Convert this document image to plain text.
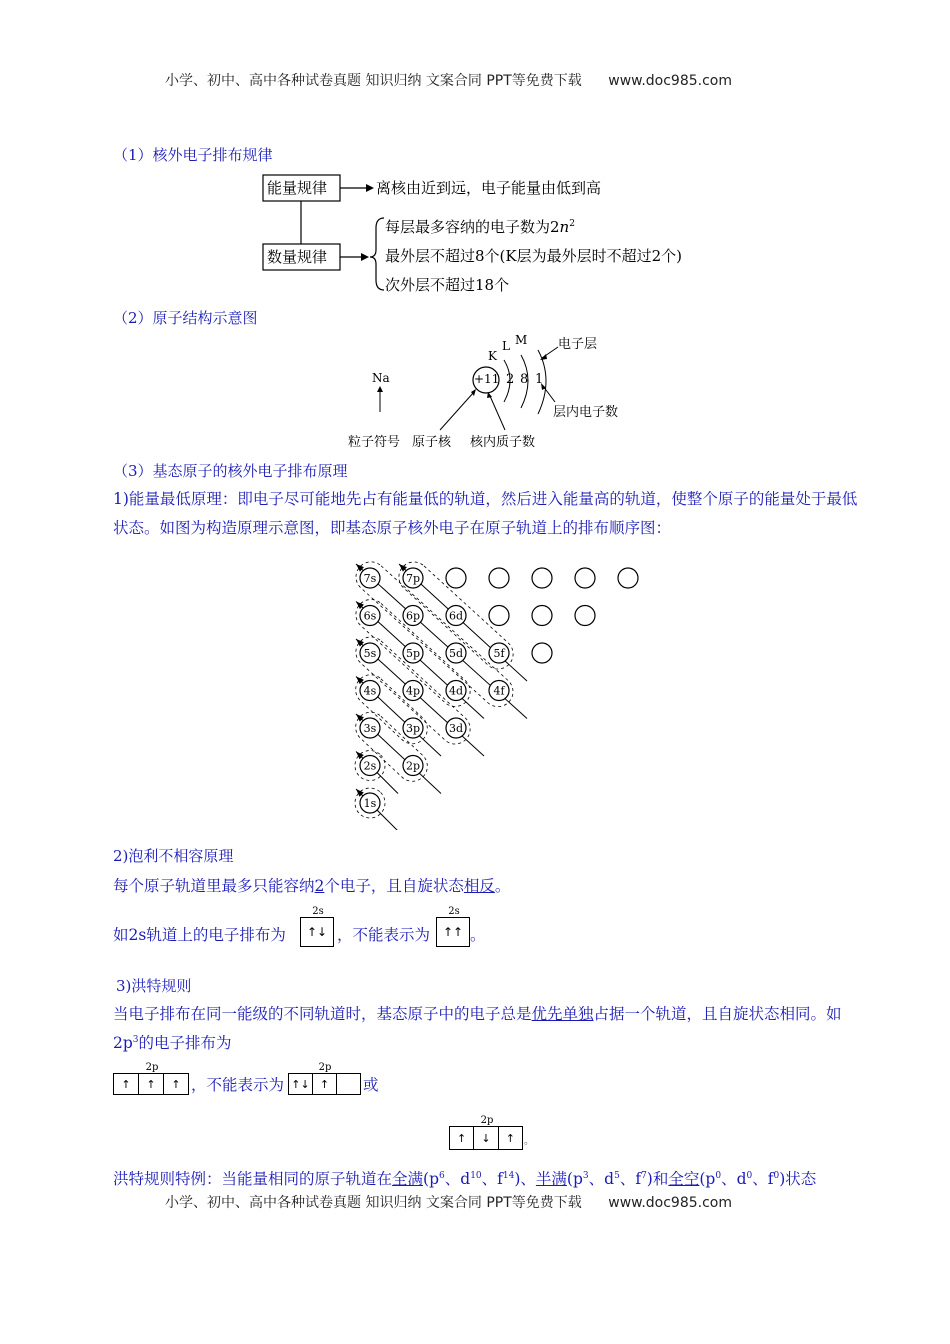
小学、初中、高中各种试卷真题 知识归纳 文案合同 PPT等免费下载 www.doc985.com
（1）核外电子排布规律
能量规律
数量规律
离核由近到远，电子能量由低到高
每层最多容纳的电子数为$2n^2$
最外层不超过8个(K层为最外层时不超过2个)
次外层不超过18个
（2）原子结构示意图
Na	+11 2 8 1
K
L M 电子层
层内电子数
粒子符号 原子核 核内质子数
（3）基态原子的核外电子排布原理
1)能量最低原理：即电子尽可能地先占有能量低的轨道，然后进入能量高的轨道，使整个原子的能量处于最低状态。如图为构造原理示意图，即基态原子核外电子在原子轨道上的排布顺序图：
7s	7p
6s	6p	6d
5s	5p	5d	5f
4s	4p	4d	4f
3s	3p	3d
2s	2p
1s
2)泡利不相容原理
每个原子轨道里最多只能容纳2个电子，且自旋状态相反。
如2s轨道上的电子排布为
2s
↑↓ ，不能表示为
2s
↑↑ 。
3)洪特规则
当电子排布在同一能级的不同轨道时，基态原子中的电子总是优先单独占据一个轨道，且自旋状态相同。如$2p^3$的电子排布为
2p
↑	↑	↑ ，不能表示为
2p
↑↓ ↑	或
2p
↑	↓	↑ 。
洪特规则特例：当能量相同的原子轨道在全满($p^6$、$d^{10}$、$f^{14}$)、半满($p^3$、$d^5$、$f^7$)和全空($p^0$、$d^0$、$f^0$)状态
小学、初中、高中各种试卷真题 知识归纳 文案合同 PPT等免费下载 www.doc985.com
